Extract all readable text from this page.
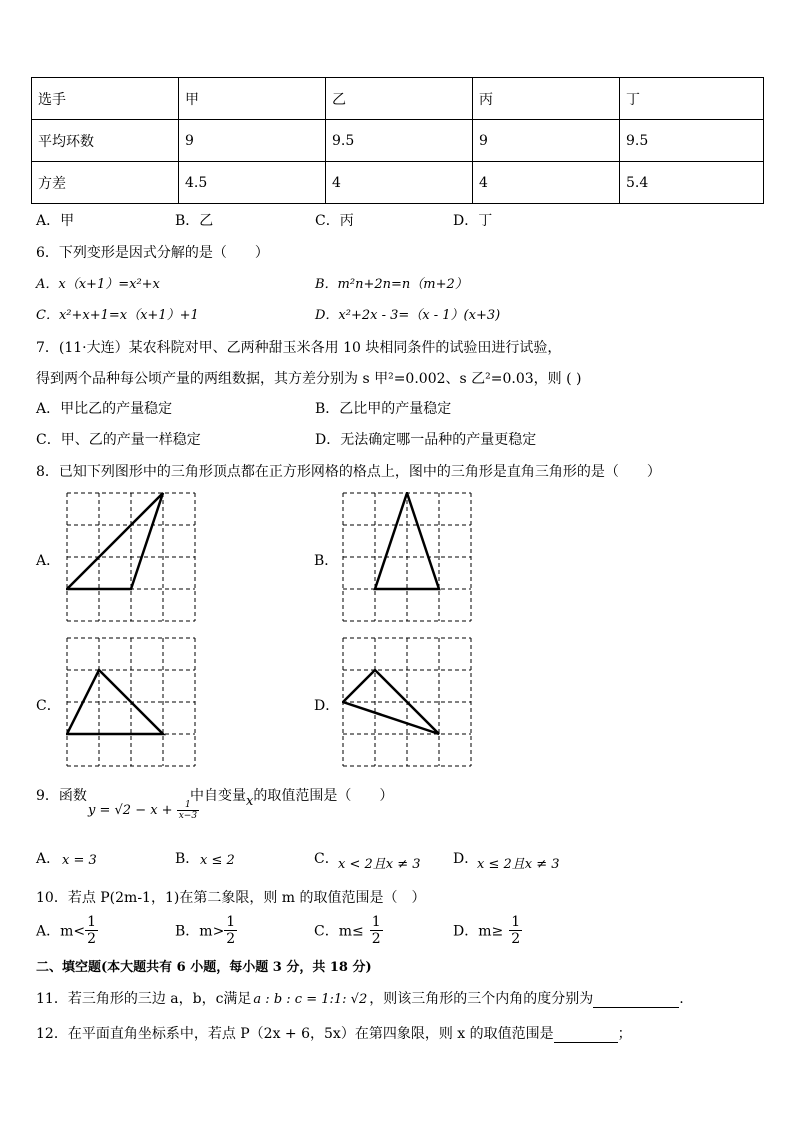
选手	甲	乙	丙	丁
平均环数	9	9.5	9	9.5
方差	4.5	4	4	5.4
A．甲	B．乙	C．丙	D．丁
6．下列变形是因式分解的是（　　）
A．x（x+1）=x²+x	B．m²n+2n=n（m+2）
C．x²+x+1=x（x+1）+1	D．x²+2x - 3=（x - 1）(x+3)
7．(11·大连）某农科院对甲、乙两种甜玉米各用 10 块相同条件的试验田进行试验，
得到两个品种每公顷产量的两组数据，其方差分别为 s 甲²=0.002、s 乙²=0.03，则 ( )
A．甲比乙的产量稳定	B．乙比甲的产量稳定
C．甲、乙的产量一样稳定	D．无法确定哪一品种的产量更稳定
8．已知下列图形中的三角形顶点都在正方形网格的格点上，图中的三角形是直角三角形的是（　　）
A．	B．
C．	D．
9．函数
$y = √2 - x + \frac{1}{x-3}$
中自变量x的取值范围是（　　）
A． x = 3	B． x ≤ 2	C． x < 2且x ≠ 3 D．
x ≤ 2且x ≠ 3
10．若点 P(2m-1，1)在第二象限，则 m 的取值范围是（　）
A．$m< \frac{1}{2}$	B．$m> \frac{1}{2}$	C．$m\le \frac{1}{2}$	D．$m\ge \frac{1}{2}$
二、填空题(本大题共有 6 小题，每小题 3 分，共 18 分)
11．若三角形的三边 a，b，c满足 a : b : c = 1:1: √2 ，则该三角形的三个内角的度分别为	.
12．在平面直角坐标系中，若点 P（2x + 6，5x）在第四象限，则 x 的取值范围是	；
